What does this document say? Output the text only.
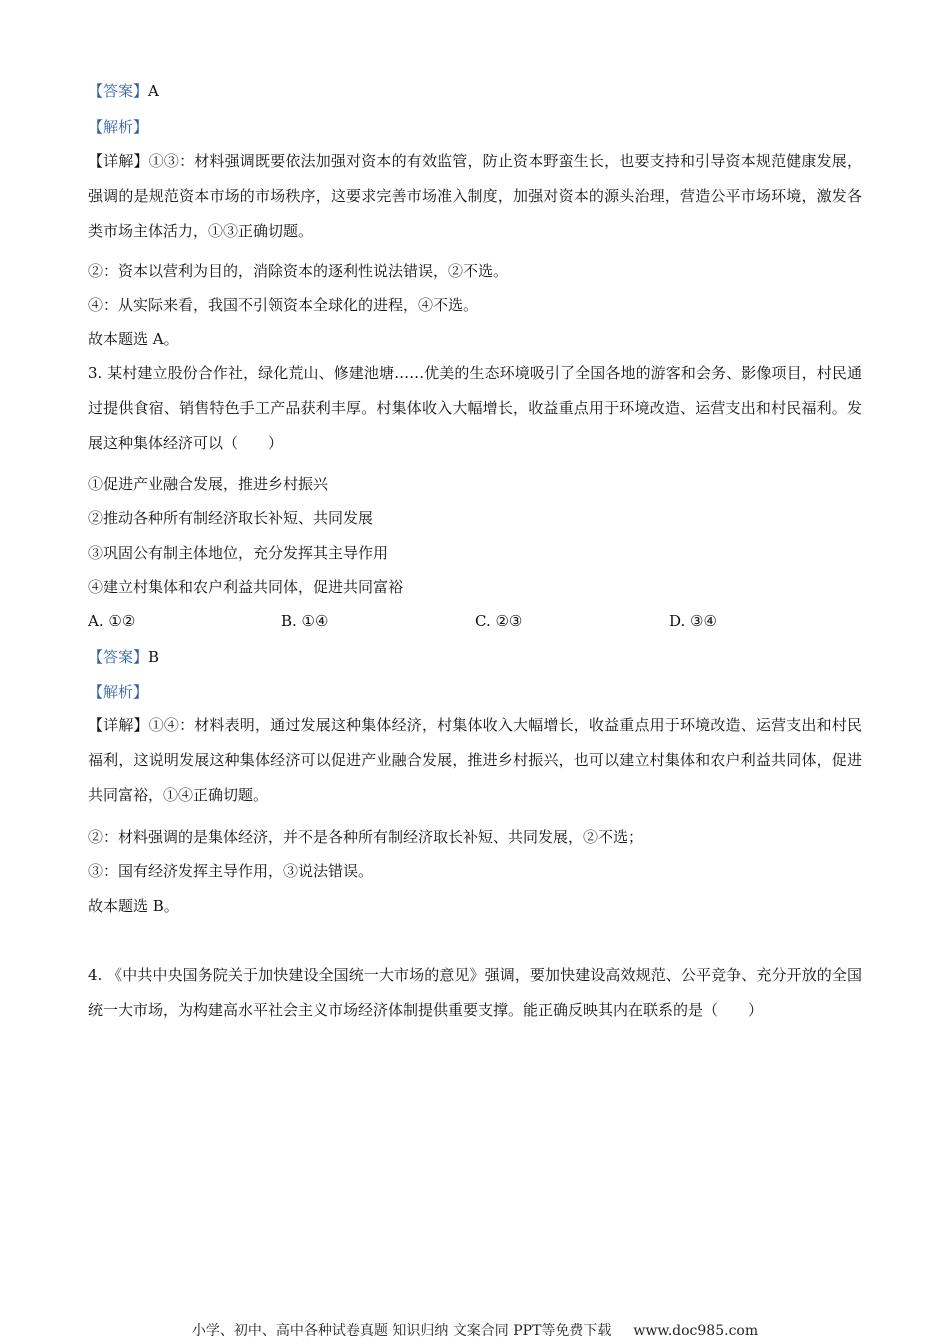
【答案】A
【解析】
【详解】①③：材料强调既要依法加强对资本的有效监管，防止资本野蛮生长，也要支持和引导资本规范健康发展，强调的是规范资本市场的市场秩序，这要求完善市场准入制度，加强对资本的源头治理，营造公平市场环境，激发各类市场主体活力，①③正确切题。
②：资本以营利为目的，消除资本的逐利性说法错误，②不选。
④：从实际来看，我国不引领资本全球化的进程，④不选。
故本题选 A。
3. 某村建立股份合作社，绿化荒山、修建池塘……优美的生态环境吸引了全国各地的游客和会务、影像项目，村民通过提供食宿、销售特色手工产品获利丰厚。村集体收入大幅增长，收益重点用于环境改造、运营支出和村民福利。发展这种集体经济可以（　　）
①促进产业融合发展，推进乡村振兴
②推动各种所有制经济取长补短、共同发展
③巩固公有制主体地位，充分发挥其主导作用
④建立村集体和农户利益共同体，促进共同富裕
A. ①②	B. ①④	C. ②③	D. ③④
【答案】B
【解析】
【详解】①④：材料表明，通过发展这种集体经济，村集体收入大幅增长，收益重点用于环境改造、运营支出和村民福利，这说明发展这种集体经济可以促进产业融合发展，推进乡村振兴，也可以建立村集体和农户利益共同体，促进共同富裕，①④正确切题。
②：材料强调的是集体经济，并不是各种所有制经济取长补短、共同发展，②不选；
③：国有经济发挥主导作用，③说法错误。
故本题选 B。
4. 《中共中央国务院关于加快建设全国统一大市场的意见》强调，要加快建设高效规范、公平竞争、充分开放的全国统一大市场，为构建高水平社会主义市场经济体制提供重要支撑。能正确反映其内在联系的是（　　）
小学、初中、高中各种试卷真题 知识归纳 文案合同 PPT等免费下载 www.doc985.com
